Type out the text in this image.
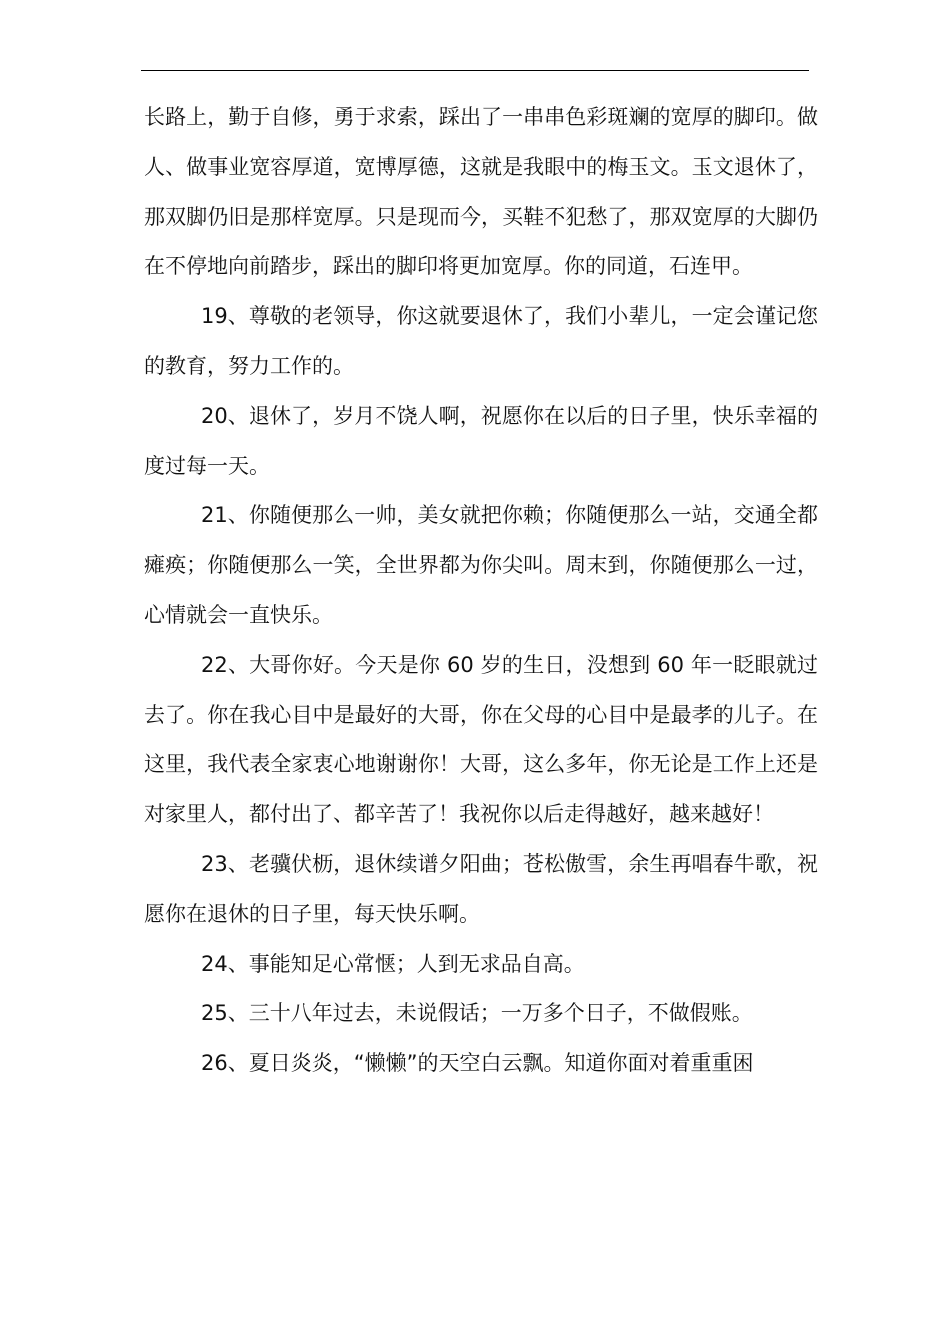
长路上，勤于自修，勇于求索，踩出了一串串色彩斑斓的宽厚的脚印。做人、做事业宽容厚道，宽博厚德，这就是我眼中的梅玉文。玉文退休了，那双脚仍旧是那样宽厚。只是现而今，买鞋不犯愁了，那双宽厚的大脚仍在不停地向前踏步，踩出的脚印将更加宽厚。你的同道，石连甲。

19、尊敬的老领导，你这就要退休了，我们小辈儿，一定会谨记您的教育，努力工作的。

20、退休了，岁月不饶人啊，祝愿你在以后的日子里，快乐幸福的度过每一天。

21、你随便那么一帅，美女就把你赖；你随便那么一站，交通全都瘫痪；你随便那么一笑，全世界都为你尖叫。周末到，你随便那么一过，心情就会一直快乐。

22、大哥你好。今天是你 60 岁的生日，没想到 60 年一眨眼就过去了。你在我心目中是最好的大哥，你在父母的心目中是最孝的儿子。在这里，我代表全家衷心地谢谢你！大哥，这么多年，你无论是工作上还是对家里人，都付出了、都辛苦了！我祝你以后走得越好，越来越好！

23、老骥伏枥，退休续谱夕阳曲；苍松傲雪，余生再唱春牛歌，祝愿你在退休的日子里，每天快乐啊。

24、事能知足心常惬；人到无求品自高。

25、三十八年过去，未说假话；一万多个日子，不做假账。

26、夏日炎炎，“懒懒”的天空白云飘。知道你面对着重重困
